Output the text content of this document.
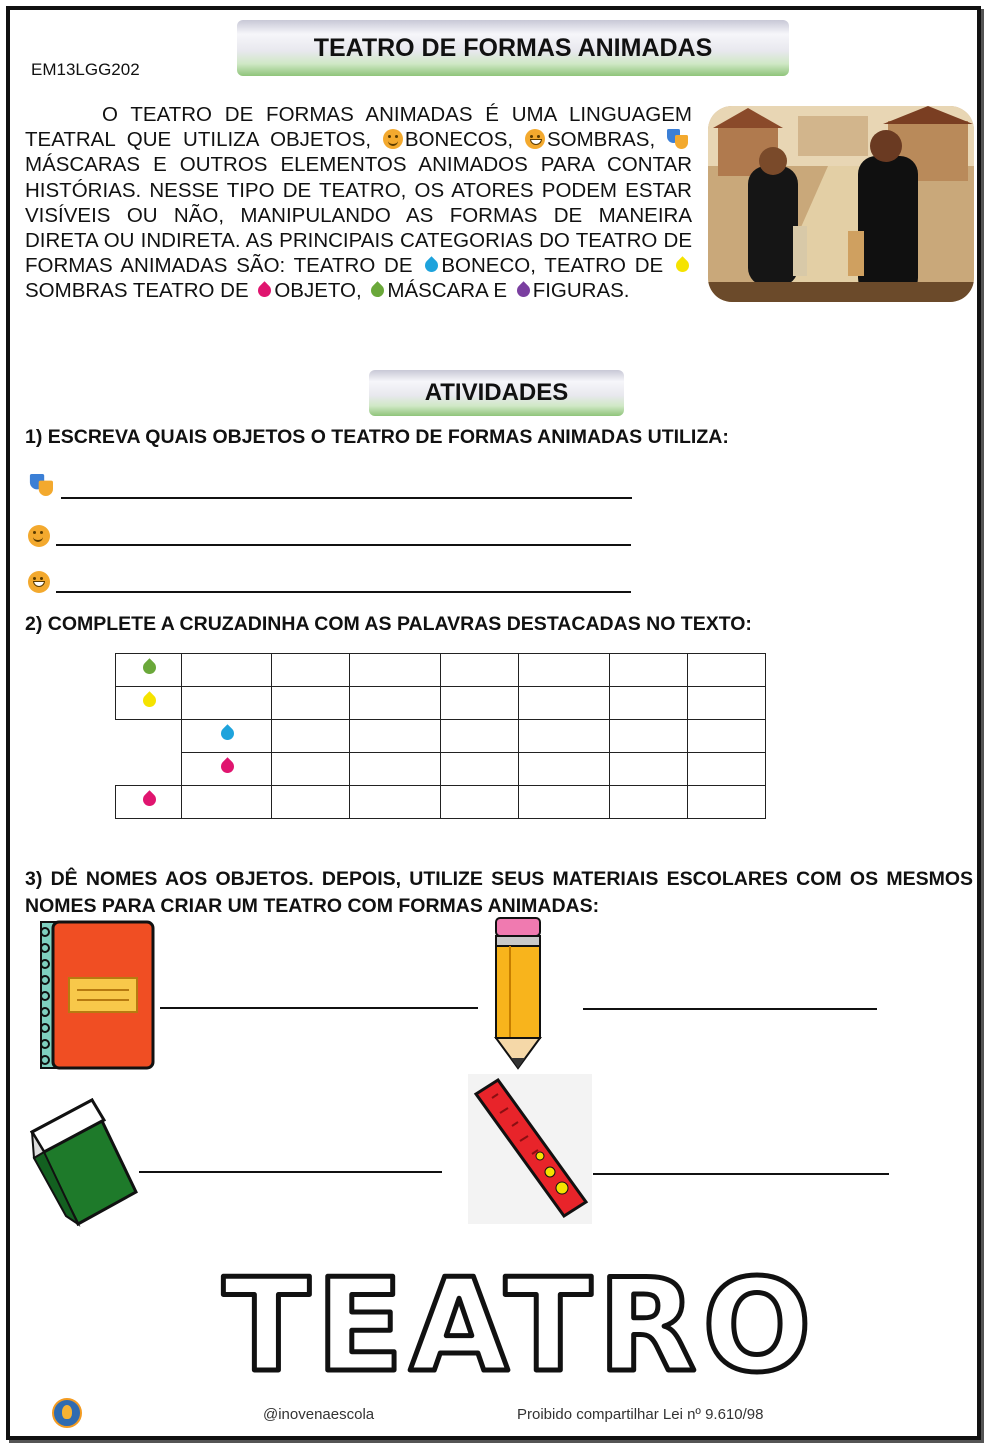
EM13LGG202
TEATRO DE FORMAS ANIMADAS

O TEATRO DE FORMAS ANIMADAS É UMA LINGUAGEM TEATRAL QUE UTILIZA OBJETOS, BONECOS, SOMBRAS, MÁSCARAS E OUTROS ELEMENTOS ANIMADOS PARA CONTAR HISTÓRIAS. NESSE TIPO DE TEATRO, OS ATORES PODEM ESTAR VISÍVEIS OU NÃO, MANIPULANDO AS FORMAS DE MANEIRA DIRETA OU INDIRETA. AS PRINCIPAIS CATEGORIAS DO TEATRO DE FORMAS ANIMADAS SÃO: TEATRO DE BONECO, TEATRO DE SOMBRAS TEATRO DE OBJETO, MÁSCARA E FIGURAS.

ATIVIDADES
1) ESCREVA QUAIS OBJETOS O TEATRO DE FORMAS ANIMADAS UTILIZA:
2) COMPLETE A CRUZADINHA COM AS PALAVRAS DESTACADAS NO TEXTO:

3) DÊ NOMES AOS OBJETOS. DEPOIS, UTILIZE SEUS MATERIAIS ESCOLARES COM OS MESMOS NOMES PARA CRIAR UM TEATRO COM FORMAS ANIMADAS:
TEATRO
@inovenaescola	Proibido compartilhar Lei nº 9.610/98
